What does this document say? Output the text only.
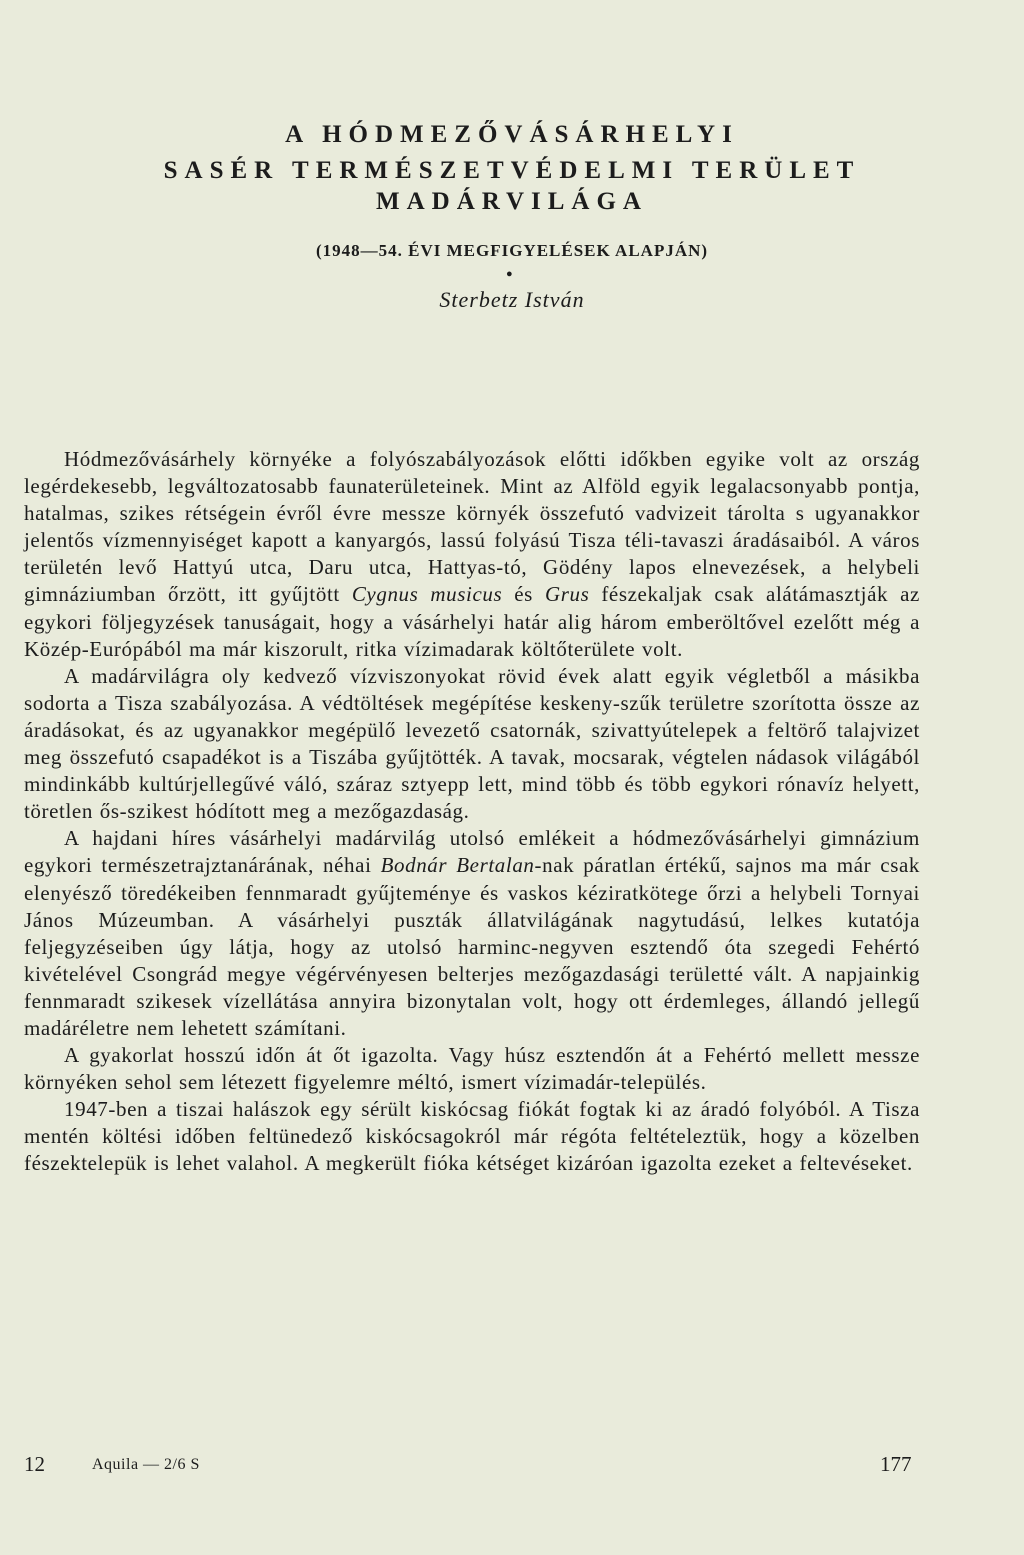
A HÓDMEZŐVÁSÁRHELYI
SASÉR TERMÉSZETVÉDELMI TERÜLET
MADÁRVILÁGA
(1948—54. ÉVI MEGFIGYELÉSEK ALAPJÁN)
●
Sterbetz István

Hódmezővásárhely környéke a folyószabályozások előtti időkben egyike volt az ország legérdekesebb, legváltozatosabb faunaterületeinek. Mint az Alföld egyik legalacsonyabb pontja, hatalmas, szikes rétségein évről évre messze környék összefutó vadvizeit tárolta s ugyanakkor jelentős vízmennyiséget kapott a kanyargós, lassú folyású Tisza téli-tavaszi áradásaiból. A város területén levő Hattyú utca, Daru utca, Hattyas-tó, Gödény lapos elnevezések, a helybeli gimnáziumban őrzött, itt gyűjtött Cygnus musicus és Grus fészekaljak csak alátámasztják az egykori följegyzések tanuságait, hogy a vásárhelyi határ alig három emberöltővel ezelőtt még a Közép-Európából ma már kiszorult, ritka vízimadarak költőterülete volt.

A madárvilágra oly kedvező vízviszonyokat rövid évek alatt egyik végletből a másikba sodorta a Tisza szabályozása. A védtöltések megépítése keskeny-szűk területre szorította össze az áradásokat, és az ugyanakkor megépülő levezető csatornák, szivattyútelepek a feltörő talajvizet meg összefutó csapadékot is a Tiszába gyűjtötték. A tavak, mocsarak, végtelen nádasok világából mindinkább kultúrjellegűvé váló, száraz sztyepp lett, mind több és több egykori rónavíz helyett, töretlen ős-szikest hódított meg a mezőgazdaság.

A hajdani híres vásárhelyi madárvilág utolsó emlékeit a hódmezővásárhelyi gimnázium egykori természetrajztanárának, néhai Bodnár Bertalan-nak páratlan értékű, sajnos ma már csak elenyésző töredékeiben fennmaradt gyűjteménye és vaskos kéziratkötege őrzi a helybeli Tornyai János Múzeumban. A vásárhelyi puszták állatvilágának nagytudású, lelkes kutatója feljegyzéseiben úgy látja, hogy az utolsó harminc-negyven esztendő óta szegedi Fehértó kivételével Csongrád megye végérvényesen belterjes mezőgazdasági területté vált. A napjainkig fennmaradt szikesek vízellátása annyira bizonytalan volt, hogy ott érdemleges, állandó jellegű madáréletre nem lehetett számítani.

A gyakorlat hosszú időn át őt igazolta. Vagy húsz esztendőn át a Fehértó mellett messze környéken sehol sem létezett figyelemre méltó, ismert vízimadár-település.

1947-ben a tiszai halászok egy sérült kiskócsag fiókát fogtak ki az áradó folyóból. A Tisza mentén költési időben feltünedező kiskócsagokról már régóta feltételeztük, hogy a közelben fészektelepük is lehet valahol. A megkerült fióka kétséget kizáróan igazolta ezeket a feltevéseket.

12	Aquila — 2/6 S	177
